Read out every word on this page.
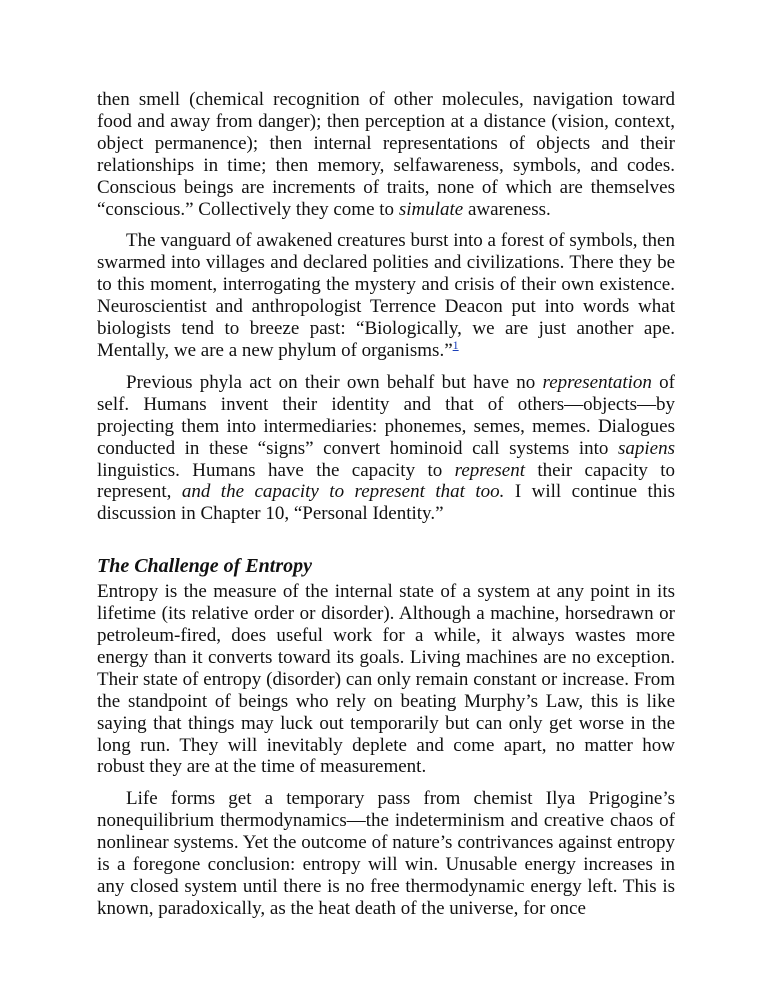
then smell (chemical recognition of other molecules, navigation toward food and away from danger); then perception at a distance (vision, context, object permanence); then internal representations of objects and their relationships in time; then memory, selfawareness, symbols, and codes. Conscious beings are increments of traits, none of which are themselves “conscious.” Collectively they come to simulate awareness.

The vanguard of awakened creatures burst into a forest of symbols, then swarmed into villages and declared polities and civilizations. There they be to this moment, interrogating the mystery and crisis of their own existence. Neuroscientist and anthropologist Terrence Deacon put into words what biologists tend to breeze past: “Biologically, we are just another ape. Mentally, we are a new phylum of organisms.”$^1$

Previous phyla act on their own behalf but have no representation of self. Humans invent their identity and that of others—objects—by projecting them into intermediaries: phonemes, semes, memes. Dialogues conducted in these “signs” convert hominoid call systems into sapiens linguistics. Humans have the capacity to represent their capacity to represent, and the capacity to represent that too. I will continue this discussion in Chapter 10, “Personal Identity.”

The Challenge of Entropy

Entropy is the measure of the internal state of a system at any point in its lifetime (its relative order or disorder). Although a machine, horsedrawn or petroleum-fired, does useful work for a while, it always wastes more energy than it converts toward its goals. Living machines are no exception. Their state of entropy (disorder) can only remain constant or increase. From the standpoint of beings who rely on beating Murphy’s Law, this is like saying that things may luck out temporarily but can only get worse in the long run. They will inevitably deplete and come apart, no matter how robust they are at the time of measurement.

Life forms get a temporary pass from chemist Ilya Prigogine’s nonequilibrium thermodynamics—the indeterminism and creative chaos of nonlinear systems. Yet the outcome of nature’s contrivances against entropy is a foregone conclusion: entropy will win. Unusable energy increases in any closed system until there is no free thermodynamic energy left. This is known, paradoxically, as the heat death of the universe, for once
